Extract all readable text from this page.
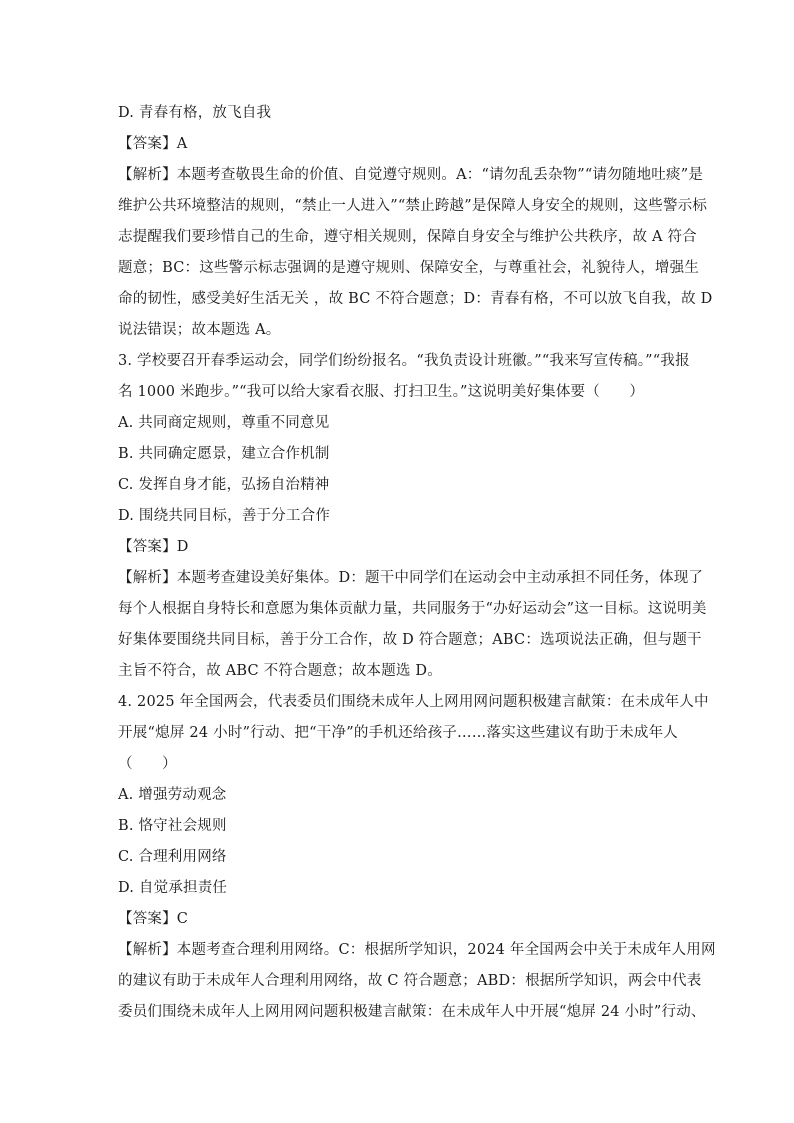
D. 青春有格，放飞自我
【答案】A
【解析】本题考查敬畏生命的价值、自觉遵守规则。A：“请勿乱丢杂物”“请勿随地吐痰”是
维护公共环境整洁的规则，“禁止一人进入”“禁止跨越”是保障人身安全的规则，这些警示标
志提醒我们要珍惜自己的生命，遵守相关规则，保障自身安全与维护公共秩序，故 A 符合
题意；BC：这些警示标志强调的是遵守规则、保障安全，与尊重社会，礼貌待人，增强生
命的韧性，感受美好生活无关 ，故 BC 不符合题意；D：青春有格，不可以放飞自我，故 D
说法错误；故本题选 A。
3. 学校要召开春季运动会，同学们纷纷报名。“我负责设计班徽。”“我来写宣传稿。”“我报
名 1000 米跑步。”“我可以给大家看衣服、打扫卫生。”这说明美好集体要（　　）
A. 共同商定规则，尊重不同意见
B. 共同确定愿景，建立合作机制
C. 发挥自身才能，弘扬自治精神
D. 围绕共同目标，善于分工合作
【答案】D
【解析】本题考查建设美好集体。D：题干中同学们在运动会中主动承担不同任务，体现了
每个人根据自身特长和意愿为集体贡献力量，共同服务于“办好运动会”这一目标。这说明美
好集体要围绕共同目标，善于分工合作，故 D 符合题意；ABC：选项说法正确，但与题干
主旨不符合，故 ABC 不符合题意；故本题选 D。
4. 2025 年全国两会，代表委员们围绕未成年人上网用网问题积极建言献策：在未成年人中
开展“熄屏 24 小时”行动、把“干净”的手机还给孩子……落实这些建议有助于未成年人
（　　）
A. 增强劳动观念
B. 恪守社会规则
C. 合理利用网络
D. 自觉承担责任
【答案】C
【解析】本题考查合理利用网络。C：根据所学知识，2024 年全国两会中关于未成年人用网
的建议有助于未成年人合理利用网络，故 C 符合题意；ABD：根据所学知识，两会中代表
委员们围绕未成年人上网用网问题积极建言献策：在未成年人中开展“熄屏 24 小时”行动、
